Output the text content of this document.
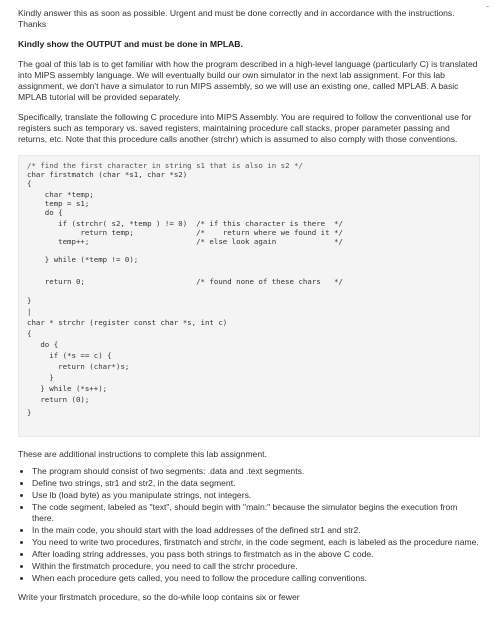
Kindly answer this as soon as possible. Urgent and must be done correctly and in accordance with the instructions. Thanks

Kindly show the OUTPUT and must be done in MPLAB.

The goal of this lab is to get familiar with how the program described in a high-level language (particularly C) is translated into MIPS assembly language. We will eventually build our own simulator in the next lab assignment. For this lab assignment, we don't have a simulator to run MIPS assembly, so we will use an existing one, called MPLAB. A basic MPLAB tutorial will be provided separately.

Specifically, translate the following C procedure into MIPS Assembly. You are required to follow the conventional use for registers such as temporary vs. saved registers, maintaining procedure call stacks, proper parameter passing and returns, etc. Note that this procedure calls another (strchr) which is assumed to also comply with those conventions.

/* find the first character in string s1 that is also in s2 */
char firstmatch (char *s1, char *s2)
{
char *temp;
temp = s1;
do {
if (strchr( s2, *temp ) != 0)  /* if this character is there  */
return temp;              /*    return where we found it */
temp++;                        /* else look again             */
} while (*temp != 0);
return 0;                         /* found none of these chars   */
}
|
char * strchr (register const char *s, int c)
{
do {
if (*s == c) {
return (char*)s;
}
} while (*s++);
return (0);
}

These are additional instructions to complete this lab assignment.

• The program should consist of two segments: .data and .text segments.
• Define two strings, str1 and str2, in the data segment.
• Use lb (load byte) as you manipulate strings, not integers.
• The code segment, labeled as "text", should begin with "main:" because the simulator begins the execution from there.
• In the main code, you should start with the load addresses of the defined str1 and str2.
• You need to write two procedures, firstmatch and strchr, in the code segment, each is labeled as the procedure name.
• After loading string addresses, you pass both strings to firstmatch as in the above C code.
• Within the firstmatch procedure, you need to call the strchr procedure.
• When each procedure gets called, you need to follow the procedure calling conventions.

Write your firstmatch procedure, so the do-while loop contains six or fewer
